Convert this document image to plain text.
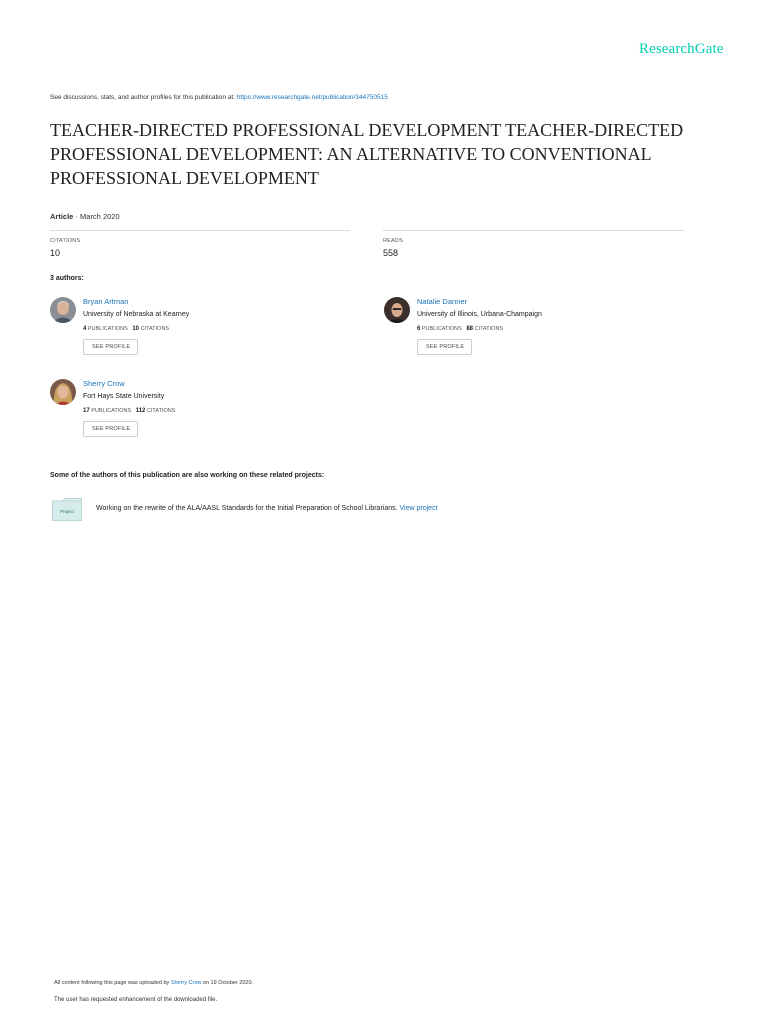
ResearchGate
See discussions, stats, and author profiles for this publication at: https://www.researchgate.net/publication/344750515
TEACHER-DIRECTED PROFESSIONAL DEVELOPMENT TEACHER-DIRECTED PROFESSIONAL DEVELOPMENT: AN ALTERNATIVE TO CONVENTIONAL PROFESSIONAL DEVELOPMENT
Article · March 2020
CITATIONS
10
READS
558
3 authors:
Bryan Artman
University of Nebraska at Kearney
4 PUBLICATIONS 10 CITATIONS
SEE PROFILE
Natalie Danner
University of Illinois, Urbana-Champaign
6 PUBLICATIONS 88 CITATIONS
SEE PROFILE
Sherry Crow
Fort Hays State University
17 PUBLICATIONS 112 CITATIONS
SEE PROFILE
Some of the authors of this publication are also working on these related projects:
Project	Working on the rewrite of the ALA/AASL Standards for the Initial Preparation of School Librarians. View project
All content following this page was uploaded by Sherry Crow on 19 October 2020.
The user has requested enhancement of the downloaded file.
